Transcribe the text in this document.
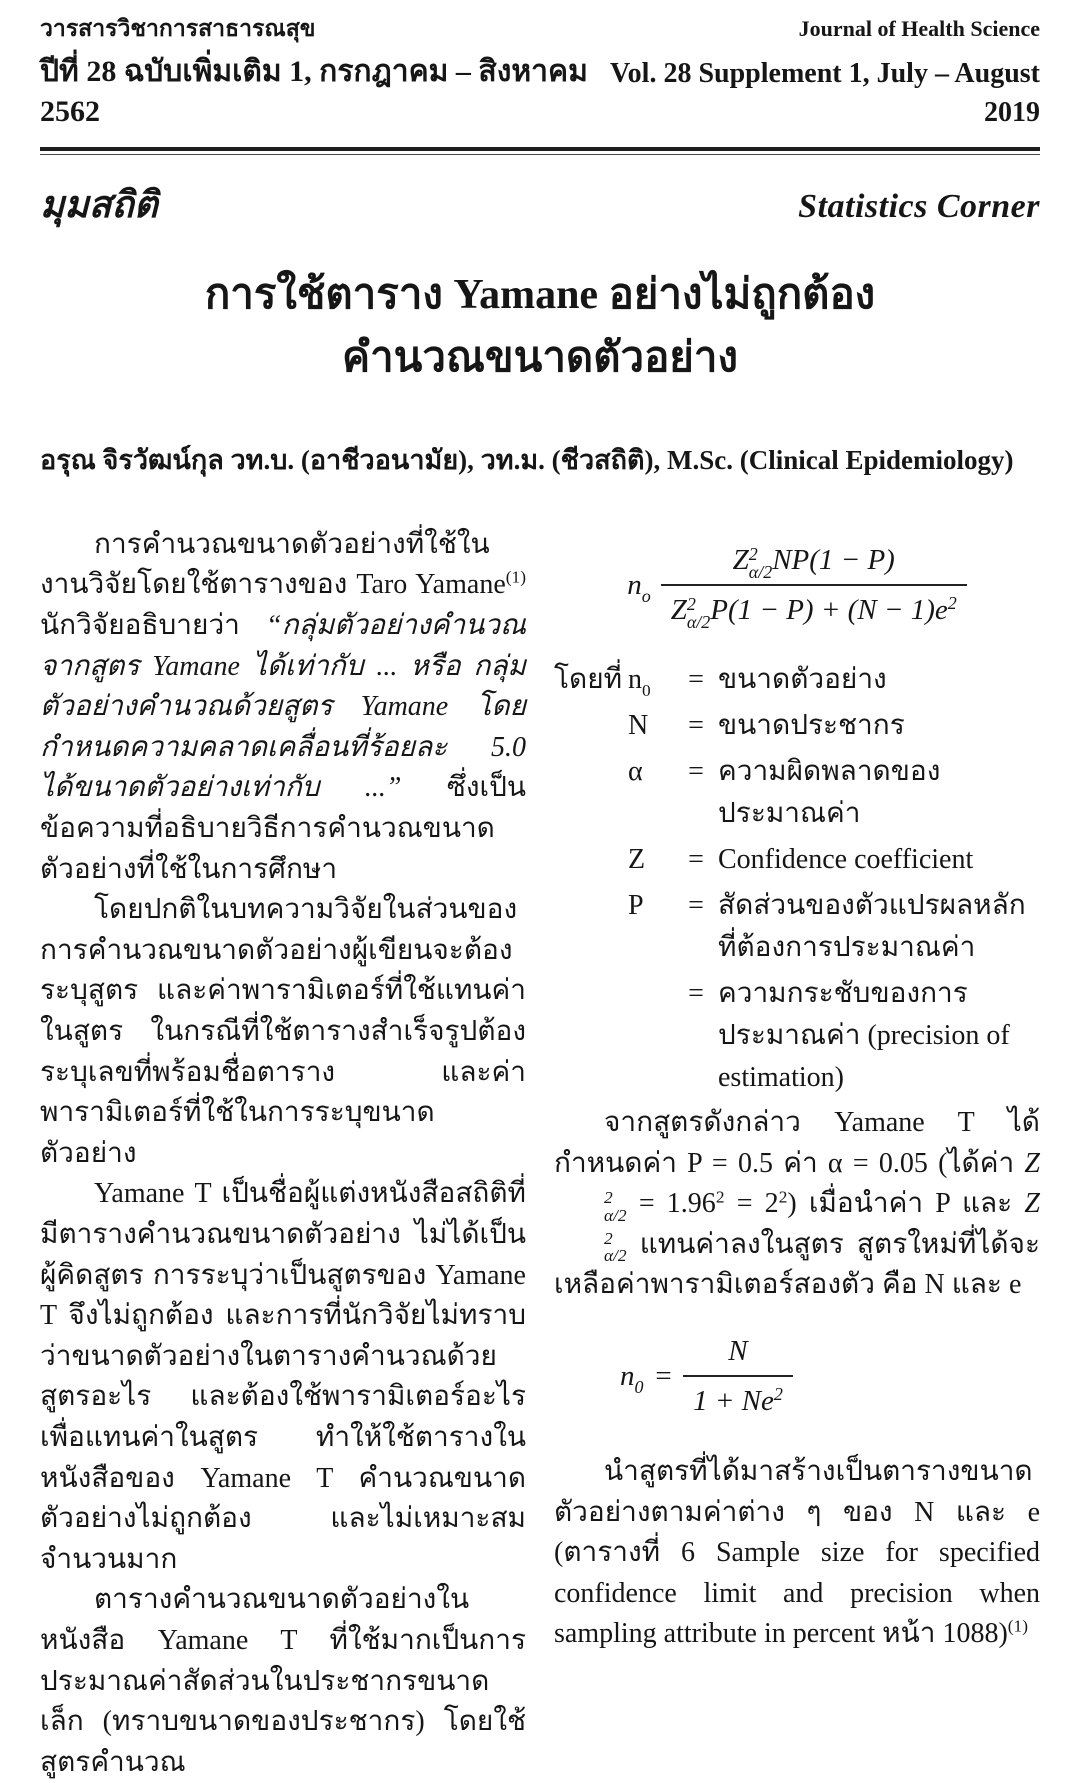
วารสารวิชาการสาธารณสุข
ปีที่ 28 ฉบับเพิ่มเติม 1, กรกฎาคม – สิงหาคม 2562
Journal of Health Science
Vol. 28 Supplement 1, July – August 2019
มุมสถิติ	Statistics Corner
การใช้ตาราง Yamane อย่างไม่ถูกต้อง
คำนวณขนาดตัวอย่าง
อรุณ จิรวัฒน์กุล วท.บ. (อาชีวอนามัย), วท.ม. (ชีวสถิติ), M.Sc. (Clinical Epidemiology)

การคำนวณขนาดตัวอย่างที่ใช้ในงานวิจัยโดยใช้ตารางของ Taro Yamane$^{(1)}$ นักวิจัยอธิบายว่า “กลุ่มตัวอย่างคำนวณจากสูตร Yamane ได้เท่ากับ ... หรือ กลุ่มตัวอย่างคำนวณด้วยสูตร Yamane โดยกำหนดความคลาดเคลื่อนที่ร้อยละ 5.0 ได้ขนาดตัวอย่างเท่ากับ ...” ซึ่งเป็นข้อความที่อธิบายวิธีการคำนวณขนาดตัวอย่างที่ใช้ในการศึกษา

โดยปกติในบทความวิจัยในส่วนของการคำนวณขนาดตัวอย่างผู้เขียนจะต้องระบุสูตร และค่าพารามิเตอร์ที่ใช้แทนค่าในสูตร ในกรณีที่ใช้ตารางสำเร็จรูปต้องระบุเลขที่พร้อมชื่อตาราง และค่าพารามิเตอร์ที่ใช้ในการระบุขนาดตัวอย่าง

Yamane T เป็นชื่อผู้แต่งหนังสือสถิติที่มีตารางคำนวณขนาดตัวอย่าง ไม่ได้เป็นผู้คิดสูตร การระบุว่าเป็นสูตรของ Yamane T จึงไม่ถูกต้อง และการที่นักวิจัยไม่ทราบว่าขนาดตัวอย่างในตารางคำนวณด้วยสูตรอะไร และต้องใช้พารามิเตอร์อะไรเพื่อแทนค่าในสูตร ทำให้ใช้ตารางในหนังสือของ Yamane T คำนวณขนาดตัวอย่างไม่ถูกต้อง และไม่เหมาะสมจำนวนมาก

ตารางคำนวณขนาดตัวอย่างในหนังสือ Yamane T ที่ใช้มากเป็นการประมาณค่าสัดส่วนในประชากรขนาดเล็ก (ทราบขนาดของประชากร) โดยใช้สูตรคำนวณ

$n_o$ Z 2
α/2 NP(1 − P)
Z 2
α/2 $P(1 - P) + (N - 1)e^2$
โดยที่ $n_0$	= ขนาดตัวอย่าง
N	= ขนาดประชากร
α	= ความผิดพลาดของประมาณค่า
Z	= Confidence coefficient
P	= สัดส่วนของตัวแปรผลหลักที่ต้องการประมาณค่า
= ความกระชับของการประมาณค่า (precision of estimation)

จากสูตรดังกล่าว Yamane T ได้กำหนดค่า P = 0.5 ค่า α = 0.05 (ได้ค่า Z
2
$\alpha/2 = 1.96^2 = 2^2$) เมื่อนำค่า P และ Z
2
α/2 แทนค่าลงในสูตร สูตรใหม่ที่ได้จะเหลือค่าพารามิเตอร์สองตัว คือ N และ e

$n_0 = \frac{N}{1 + Ne^2}$

นำสูตรที่ได้มาสร้างเป็นตารางขนาดตัวอย่างตามค่าต่าง ๆ ของ N และ e (ตารางที่ 6 Sample size for specified confidence limit and precision when sampling attribute in percent หน้า 1088)$^{(1)}$
